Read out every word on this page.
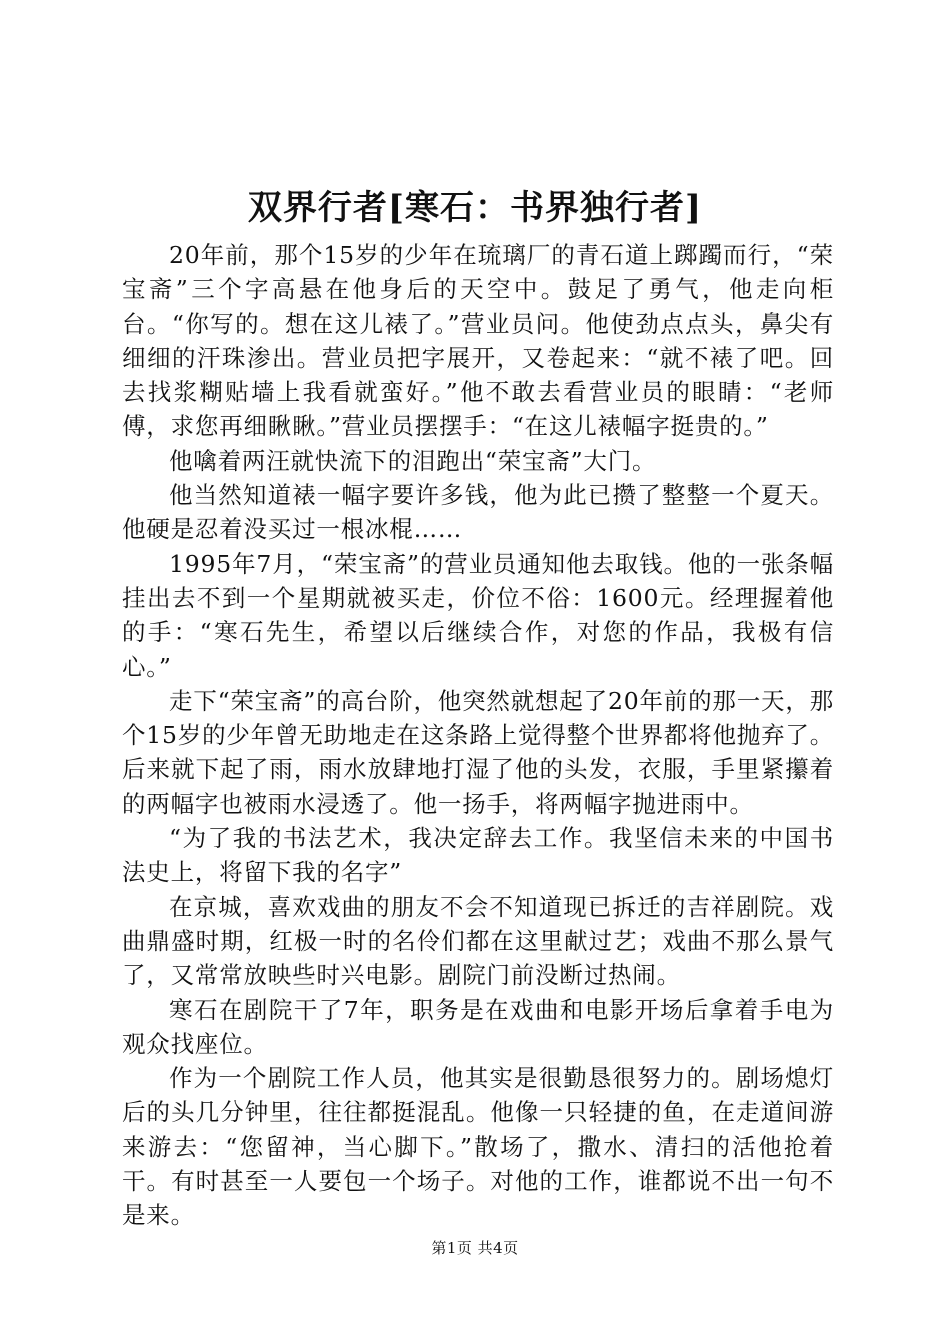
双界行者[寒石：书界独行者]

20年前，那个15岁的少年在琉璃厂的青石道上踯躅而行，“荣宝斋”三个字高悬在他身后的天空中。鼓足了勇气，他走向柜台。“你写的。想在这儿裱了。”营业员问。他使劲点点头，鼻尖有细细的汗珠渗出。营业员把字展开，又卷起来：“就不裱了吧。回去找浆糊贴墙上我看就蛮好。”他不敢去看营业员的眼睛：“老师傅，求您再细瞅瞅。”营业员摆摆手：“在这儿裱幅字挺贵的。”

他噙着两汪就快流下的泪跑出“荣宝斋”大门。

他当然知道裱一幅字要许多钱，他为此已攒了整整一个夏天。他硬是忍着没买过一根冰棍……

1995年7月，“荣宝斋”的营业员通知他去取钱。他的一张条幅挂出去不到一个星期就被买走，价位不俗：1600元。经理握着他的手：“寒石先生，希望以后继续合作，对您的作品，我极有信心。”

走下“荣宝斋”的高台阶，他突然就想起了20年前的那一天，那个15岁的少年曾无助地走在这条路上觉得整个世界都将他抛弃了。后来就下起了雨，雨水放肆地打湿了他的头发，衣服，手里紧攥着的两幅字也被雨水浸透了。他一扬手，将两幅字抛进雨中。

“为了我的书法艺术，我决定辞去工作。我坚信未来的中国书法史上，将留下我的名字”

在京城，喜欢戏曲的朋友不会不知道现已拆迁的吉祥剧院。戏曲鼎盛时期，红极一时的名伶们都在这里献过艺；戏曲不那么景气了，又常常放映些时兴电影。剧院门前没断过热闹。

寒石在剧院干了7年，职务是在戏曲和电影开场后拿着手电为观众找座位。

作为一个剧院工作人员，他其实是很勤恳很努力的。剧场熄灯后的头几分钟里，往往都挺混乱。他像一只轻捷的鱼，在走道间游来游去：“您留神，当心脚下。”散场了，撒水、清扫的活他抢着干。有时甚至一人要包一个场子。对他的工作，谁都说不出一句不是来。

第1页 共4页
